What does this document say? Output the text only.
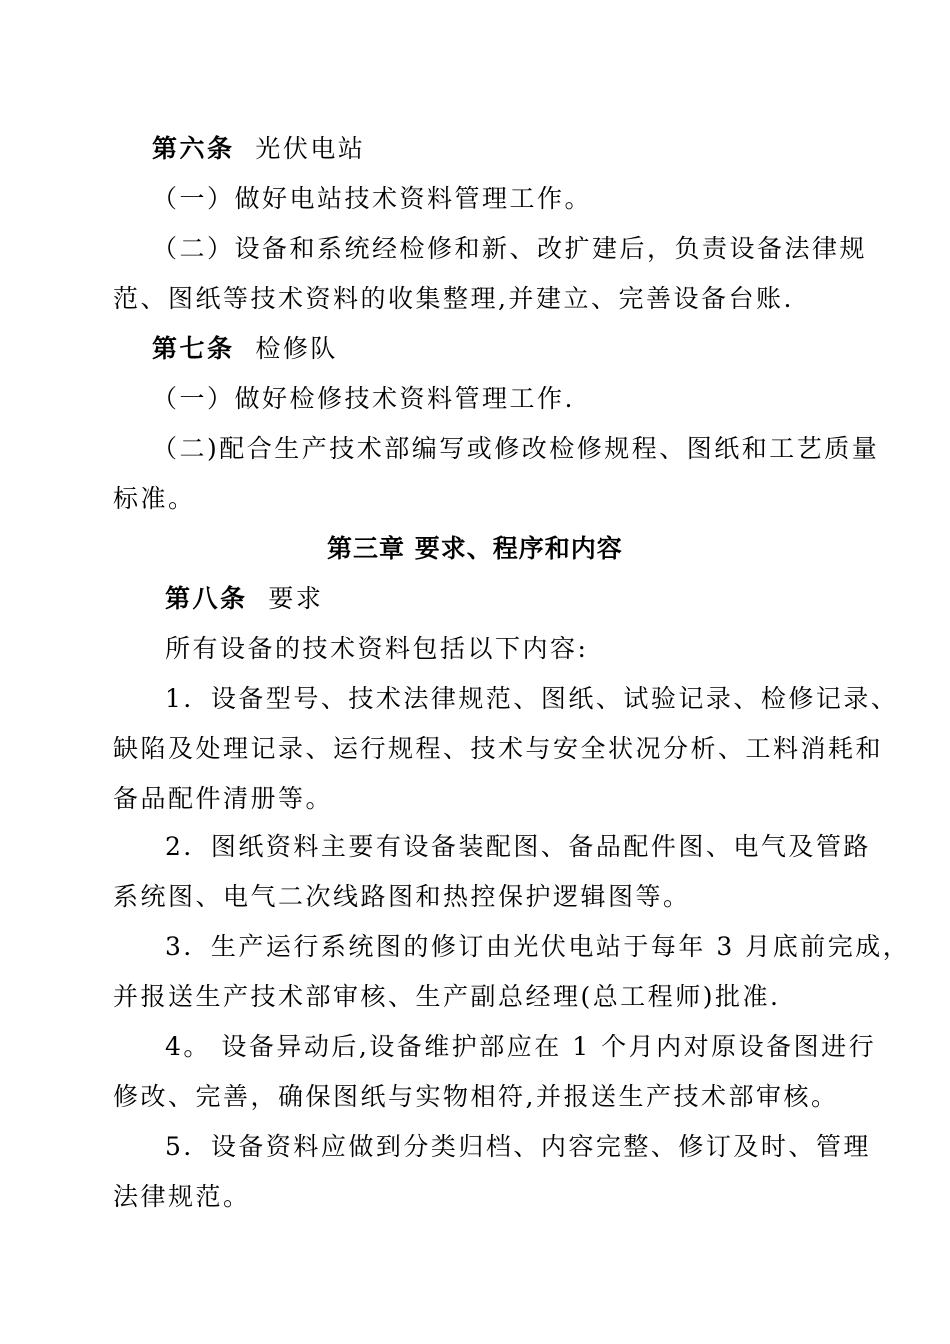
第六条 光伏电站
（一）做好电站技术资料管理工作。
（二）设备和系统经检修和新、改扩建后，负责设备法律规
范、图纸等技术资料的收集整理,并建立、完善设备台账.
第七条 检修队
（一）做好检修技术资料管理工作.
（二)配合生产技术部编写或修改检修规程、图纸和工艺质量
标准。
第三章 要求、程序和内容
第八条 要求
所有设备的技术资料包括以下内容:
1．设备型号、技术法律规范、图纸、试验记录、检修记录、
缺陷及处理记录、运行规程、技术与安全状况分析、工料消耗和
备品配件清册等。
2．图纸资料主要有设备装配图、备品配件图、电气及管路
系统图、电气二次线路图和热控保护逻辑图等。
3．生产运行系统图的修订由光伏电站于每年 3 月底前完成，
并报送生产技术部审核、生产副总经理(总工程师)批准.
4。 设备异动后,设备维护部应在 1 个月内对原设备图进行
修改、完善，确保图纸与实物相符,并报送生产技术部审核。
5．设备资料应做到分类归档、内容完整、修订及时、管理
法律规范。
